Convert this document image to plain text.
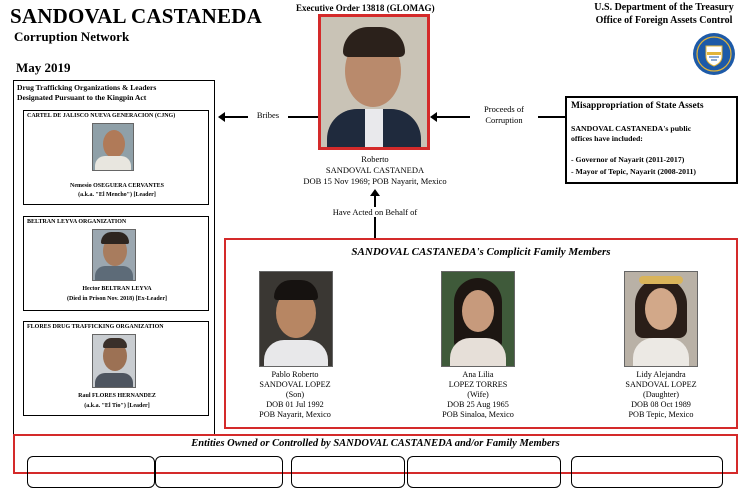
SANDOVAL CASTANEDA
Corruption Network
May 2019
Executive Order 13818 (GLOMAG)	U.S. Department of the Treasury
Office of Foreign Assets Control
Roberto
SANDOVAL CASTANEDA
DOB 15 Nov 1969; POB Nayarit, Mexico
Bribes
Proceeds of
Corruption
Have Acted on Behalf of
Drug Trafficking Organizations & Leaders
Designated Pursuant to the Kingpin Act
CARTEL DE JALISCO NUEVA GENERACION (CJNG)
Nemesio OSEGUERA CERVANTES
(a.k.a. "El Mencho") [Leader]
BELTRAN LEYVA ORGANIZATION
Hector BELTRAN LEYVA
(Died in Prison Nov. 2018) [Ex-Leader]
FLORES DRUG TRAFFICKING ORGANIZATION
Raul FLORES HERNANDEZ
(a.k.a. "El Tio") [Leader]
Misappropriation of State Assets
SANDOVAL CASTANEDA's public
offices have included:
- Governor of Nayarit (2011-2017)
- Mayor of Tepic, Nayarit (2008-2011)
SANDOVAL CASTANEDA's Complicit Family Members
Pablo Roberto
SANDOVAL LOPEZ
(Son)
DOB 01 Jul 1992
POB Nayarit, Mexico
Ana Lilia
LOPEZ TORRES
(Wife)
DOB 25 Aug 1965
POB Sinaloa, Mexico
Lidy Alejandra
SANDOVAL LOPEZ
(Daughter)
DOB 08 Oct 1989
POB Tepic, Mexico
Entities Owned or Controlled by SANDOVAL CASTANEDA and/or Family Members
